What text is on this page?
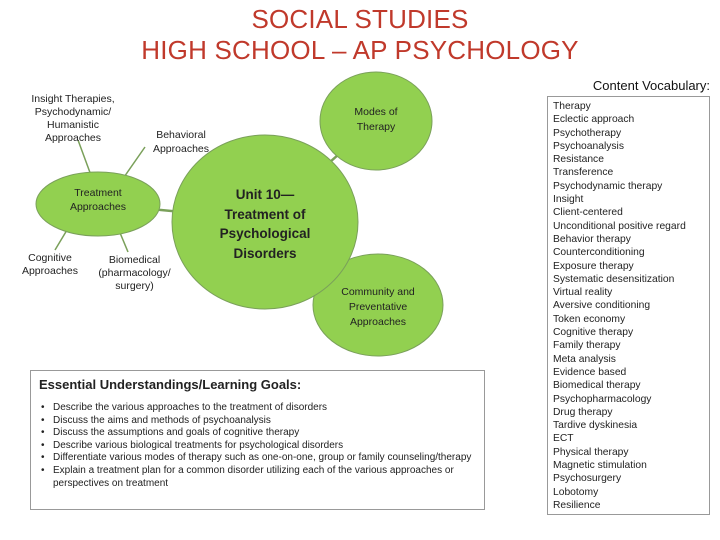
SOCIAL STUDIES
HIGH SCHOOL – AP PSYCHOLOGY
Unit 10—
Treatment of
Psychological
Disorders
Modes of
Therapy
Treatment
Approaches
Community and
Preventative
Approaches
Insight Therapies,
Psychodynamic/
Humanistic
Approaches	Behavioral
Approaches
Cognitive
Approaches
Biomedical
(pharmacology/
surgery)
Essential Understandings/Learning Goals:
• Describe the various approaches to the treatment of disorders
• Discuss the aims and methods of psychoanalysis
• Discuss the assumptions and goals of cognitive therapy
• Describe various biological treatments for psychological disorders
• Differentiate various modes of therapy such as one-on-one, group or family counseling/therapy
• Explain a treatment plan for a common disorder utilizing each of the various approaches or perspectives on treatment
Content Vocabulary:
Therapy
Eclectic approach
Psychotherapy
Psychoanalysis
Resistance
Transference
Psychodynamic therapy
Insight
Client-centered
Unconditional positive regard
Behavior therapy
Counterconditioning
Exposure therapy
Systematic desensitization
Virtual reality
Aversive conditioning
Token economy
Cognitive therapy
Family therapy
Meta analysis
Evidence based
Biomedical therapy
Psychopharmacology
Drug therapy
Tardive dyskinesia
ECT
Physical therapy
Magnetic stimulation
Psychosurgery
Lobotomy
Resilience
